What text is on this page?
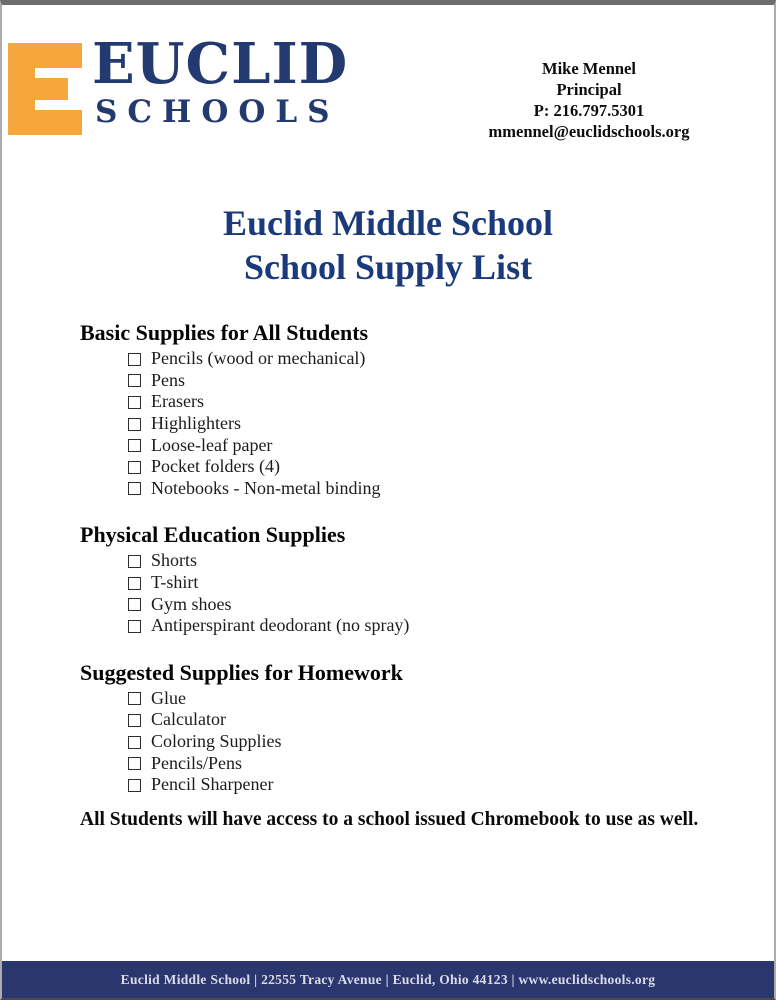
EUCLID
SCHOOLS
Mike Mennel
Principal
P: 216.797.5301
mmennel@euclidschools.org
Euclid Middle School
School Supply List
Basic Supplies for All Students
Pencils (wood or mechanical)
Pens
Erasers
Highlighters
Loose-leaf paper
Pocket folders (4)
Notebooks - Non-metal binding
Physical Education Supplies
Shorts
T-shirt
Gym shoes
Antiperspirant deodorant (no spray)
Suggested Supplies for Homework
Glue
Calculator
Coloring Supplies
Pencils/Pens
Pencil Sharpener

All Students will have access to a school issued Chromebook to use as well.

Euclid Middle School | 22555 Tracy Avenue | Euclid, Ohio 44123 | www.euclidschools.org
